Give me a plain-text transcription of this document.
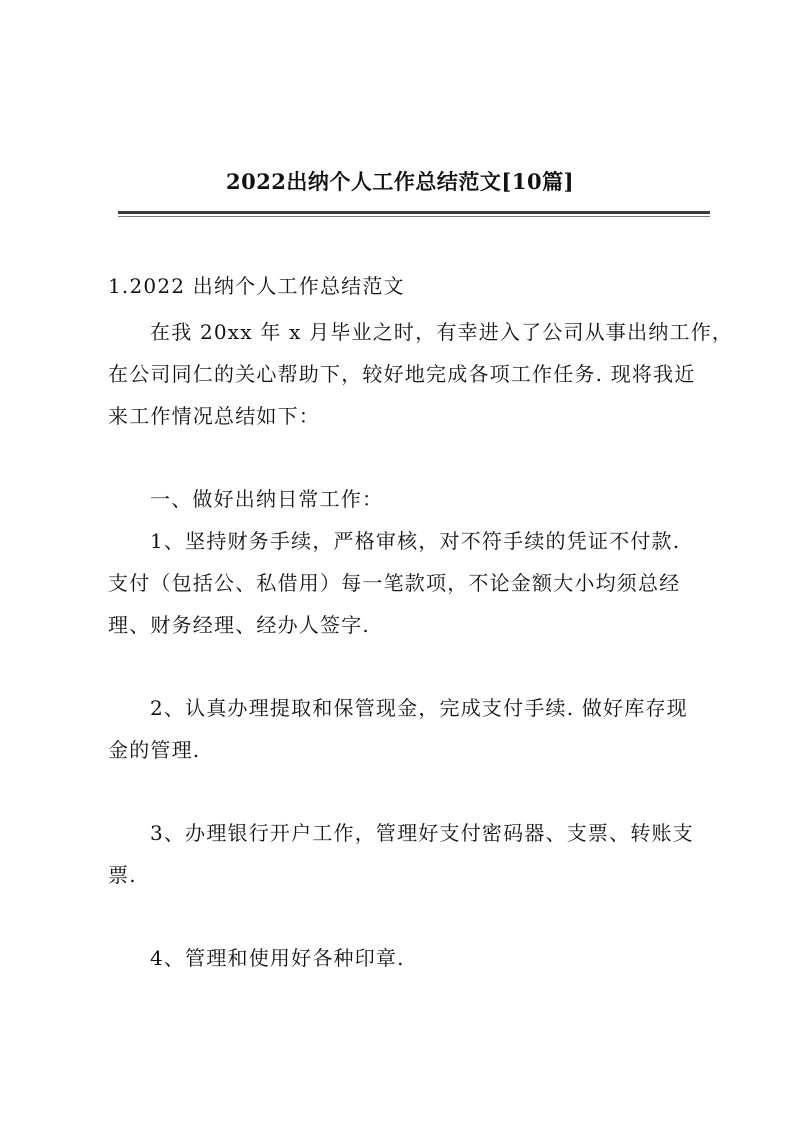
2022出纳个人工作总结范文[10篇]
1.2022 出纳个人工作总结范文
在我 20xx 年 x 月毕业之时，有幸进入了公司从事出纳工作，
在公司同仁的关心帮助下，较好地完成各项工作任务. 现将我近
来工作情况总结如下：
一、做好出纳日常工作：
1、坚持财务手续，严格审核，对不符手续的凭证不付款.
支付（包括公、私借用）每一笔款项，不论金额大小均须总经
理、财务经理、经办人签字.
2、认真办理提取和保管现金，完成支付手续. 做好库存现
金的管理.
3、办理银行开户工作，管理好支付密码器、支票、转账支
票.
4、管理和使用好各种印章.
